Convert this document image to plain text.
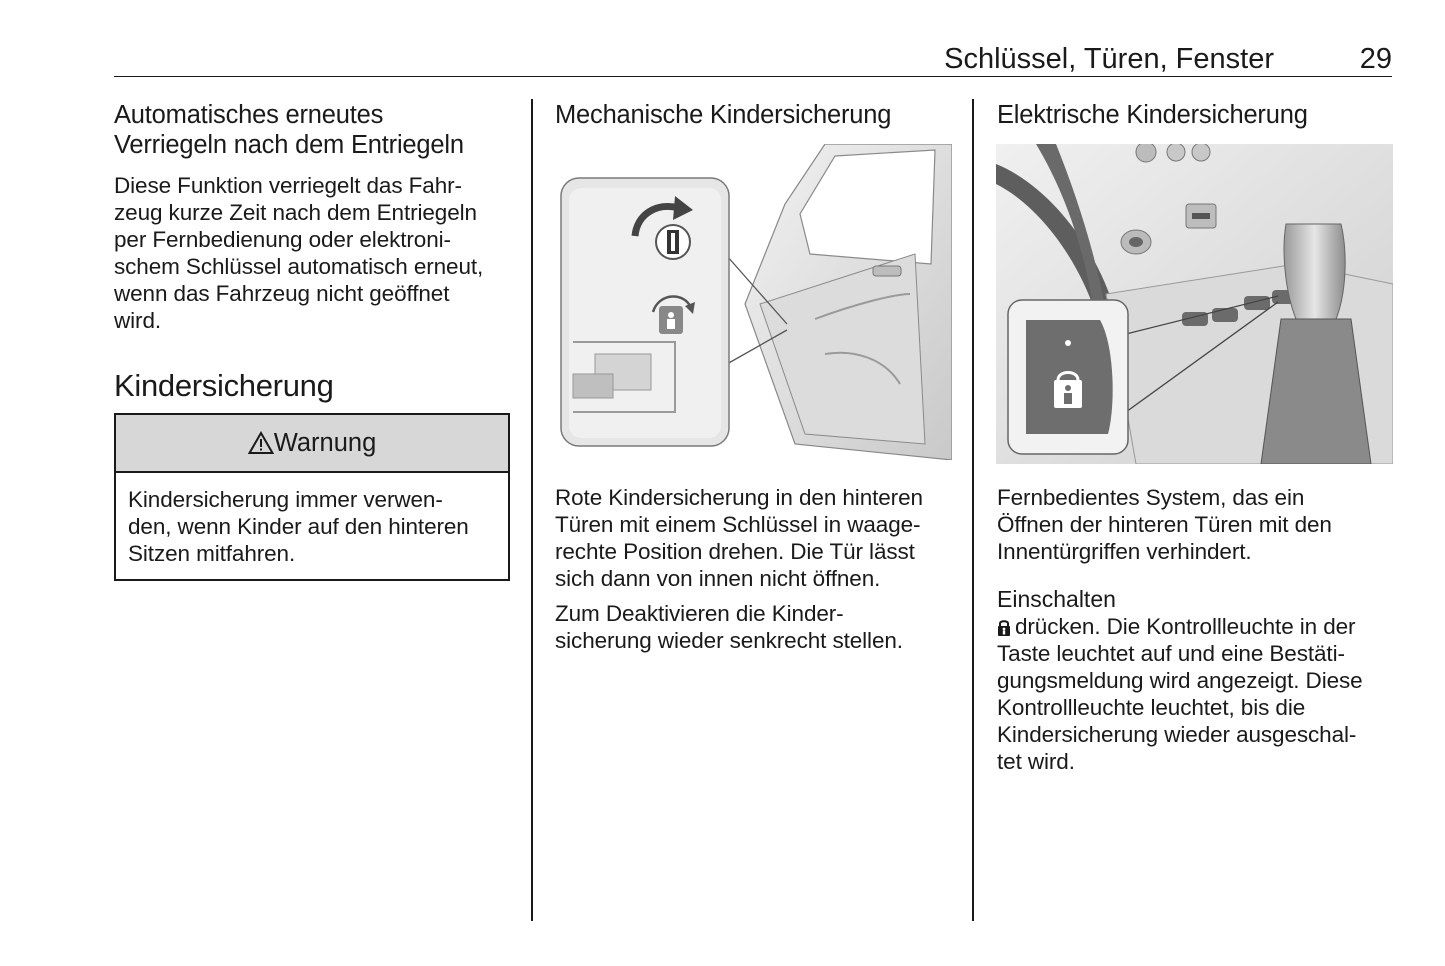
Schlüssel, Türen, Fenster	29
Automatisches erneutes
Verriegeln nach dem Entriegeln

Diese Funktion verriegelt das Fahr-
zeug kurze Zeit nach dem Entriegeln
per Fernbedienung oder elektroni-
schem Schlüssel automatisch erneut,
wenn das Fahrzeug nicht geöffnet
wird.

Kindersicherung
Warnung

Kindersicherung immer verwen-
den, wenn Kinder auf den hinteren
Sitzen mitfahren.

Mechanische Kindersicherung

Rote Kindersicherung in den hinteren
Türen mit einem Schlüssel in waage-
rechte Position drehen. Die Tür lässt
sich dann von innen nicht öffnen.

Zum Deaktivieren die Kinder-
sicherung wieder senkrecht stellen.

Elektrische Kindersicherung

Fernbedientes System, das ein
Öffnen der hinteren Türen mit den
Innentürgriffen verhindert.

Einschalten

drücken. Die Kontrollleuchte in der
Taste leuchtet auf und eine Bestäti-
gungsmeldung wird angezeigt. Diese
Kontrollleuchte leuchtet, bis die
Kindersicherung wieder ausgeschal-
tet wird.
